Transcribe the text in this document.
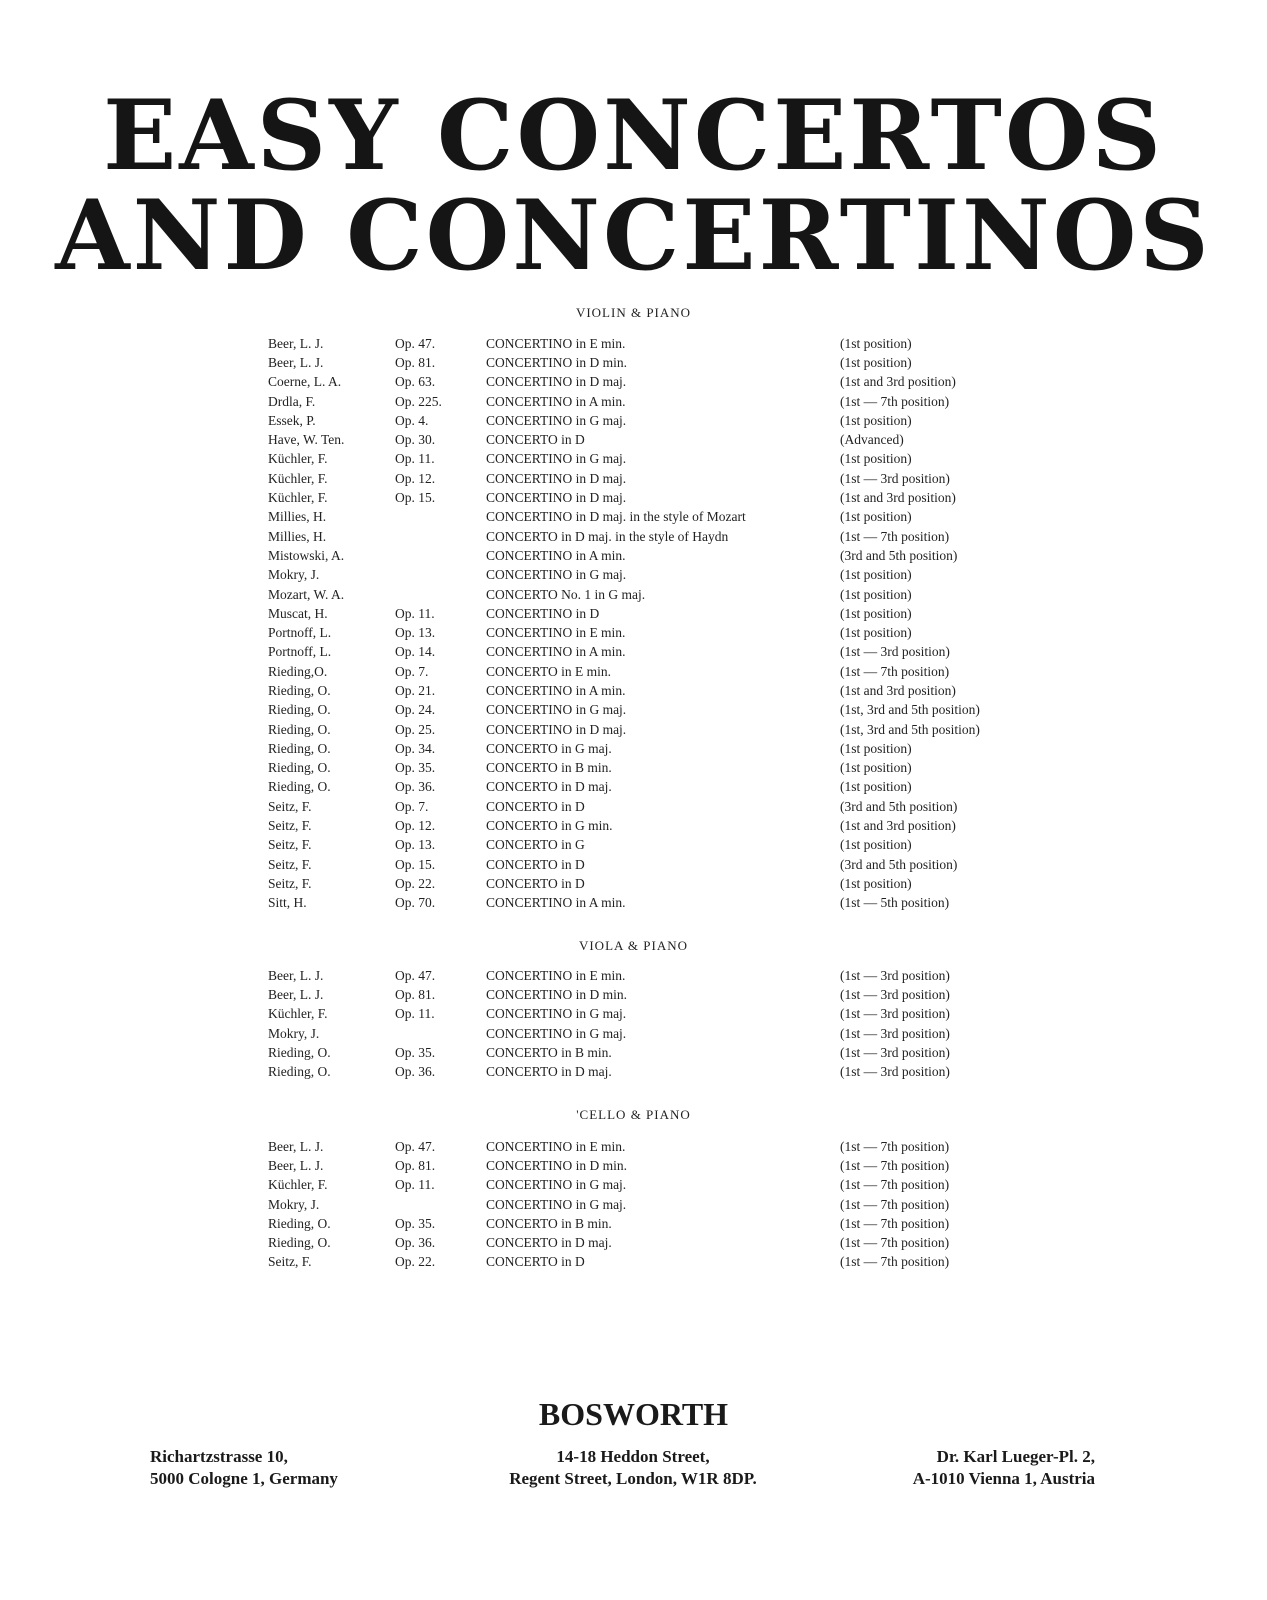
EASY CONCERTOS
AND CONCERTINOS
VIOLIN & PIANO
Beer, L. J.	Op. 47.	CONCERTINO in E min.	(1st position)
Beer, L. J.	Op. 81.	CONCERTINO in D min.	(1st position)
Coerne, L. A.	Op. 63.	CONCERTINO in D maj.	(1st and 3rd position)
Drdla, F.	Op. 225.	CONCERTINO in A min.	(1st — 7th position)
Essek, P.	Op. 4.	CONCERTINO in G maj.	(1st position)
Have, W. Ten.	Op. 30.	CONCERTO in D	(Advanced)
Küchler, F.	Op. 11.	CONCERTINO in G maj.	(1st position)
Küchler, F.	Op. 12.	CONCERTINO in D maj.	(1st — 3rd position)
Küchler, F.	Op. 15.	CONCERTINO in D maj.	(1st and 3rd position)
Millies, H.		CONCERTINO in D maj. in the style of Mozart	(1st position)
Millies, H.		CONCERTO in D maj. in the style of Haydn	(1st — 7th position)
Mistowski, A.		CONCERTINO in A min.	(3rd and 5th position)
Mokry, J.		CONCERTINO in G maj.	(1st position)
Mozart, W. A.		CONCERTO No. 1 in G maj.	(1st position)
Muscat, H.	Op. 11.	CONCERTINO in D	(1st position)
Portnoff, L.	Op. 13.	CONCERTINO in E min.	(1st position)
Portnoff, L.	Op. 14.	CONCERTINO in A min.	(1st — 3rd position)
Rieding,O.	Op. 7.	CONCERTO in E min.	(1st — 7th position)
Rieding, O.	Op. 21.	CONCERTINO in A min.	(1st and 3rd position)
Rieding, O.	Op. 24.	CONCERTINO in G maj.	(1st, 3rd and 5th position)
Rieding, O.	Op. 25.	CONCERTINO in D maj.	(1st, 3rd and 5th position)
Rieding, O.	Op. 34.	CONCERTO in G maj.	(1st position)
Rieding, O.	Op. 35.	CONCERTO in B min.	(1st position)
Rieding, O.	Op. 36.	CONCERTO in D maj.	(1st position)
Seitz, F.	Op. 7.	CONCERTO in D	(3rd and 5th position)
Seitz, F.	Op. 12.	CONCERTO in G min.	(1st and 3rd position)
Seitz, F.	Op. 13.	CONCERTO in G	(1st position)
Seitz, F.	Op. 15.	CONCERTO in D	(3rd and 5th position)
Seitz, F.	Op. 22.	CONCERTO in D	(1st position)
Sitt, H.	Op. 70.	CONCERTINO in A min.	(1st — 5th position)
VIOLA & PIANO
Beer, L. J.	Op. 47.	CONCERTINO in E min.	(1st — 3rd position)
Beer, L. J.	Op. 81.	CONCERTINO in D min.	(1st — 3rd position)
Küchler, F.	Op. 11.	CONCERTINO in G maj.	(1st — 3rd position)
Mokry, J.		CONCERTINO in G maj.	(1st — 3rd position)
Rieding, O.	Op. 35.	CONCERTO in B min.	(1st — 3rd position)
Rieding, O.	Op. 36.	CONCERTO in D maj.	(1st — 3rd position)
'CELLO & PIANO
Beer, L. J.	Op. 47.	CONCERTINO in E min.	(1st — 7th position)
Beer, L. J.	Op. 81.	CONCERTINO in D min.	(1st — 7th position)
Küchler, F.	Op. 11.	CONCERTINO in G maj.	(1st — 7th position)
Mokry, J.		CONCERTINO in G maj.	(1st — 7th position)
Rieding, O.	Op. 35.	CONCERTO in B min.	(1st — 7th position)
Rieding, O.	Op. 36.	CONCERTO in D maj.	(1st — 7th position)
Seitz, F.	Op. 22.	CONCERTO in D	(1st — 7th position)
BOSWORTH
Richartzstrasse 10,
5000 Cologne 1, Germany
14-18 Heddon Street,
Regent Street, London, W1R 8DP.
Dr. Karl Lueger-Pl. 2,
A-1010 Vienna 1, Austria
